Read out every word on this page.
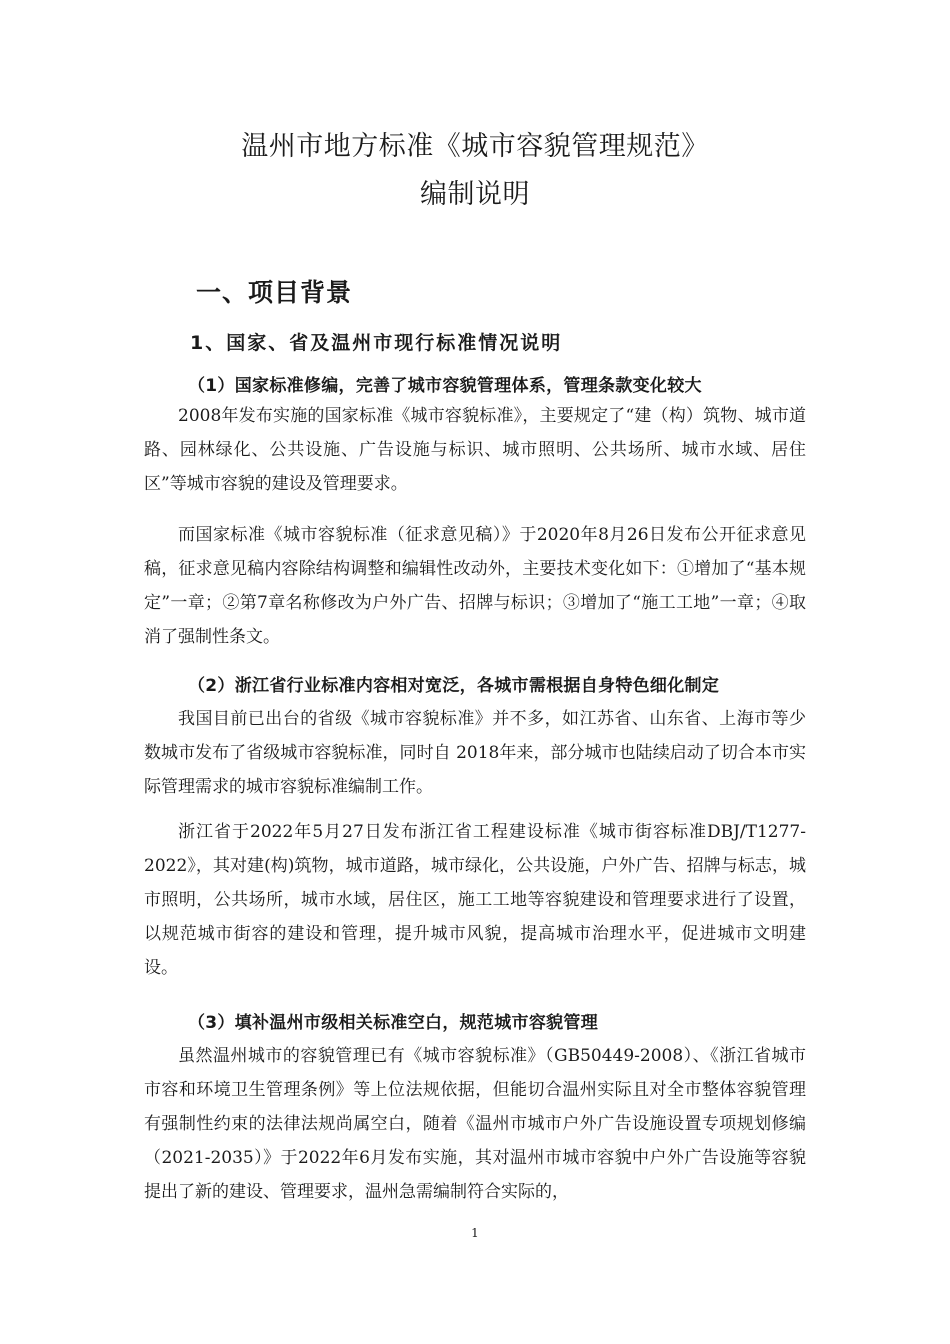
温州市地方标准《城市容貌管理规范》
编制说明
一、项目背景
1、国家、省及温州市现行标准情况说明
（1）国家标准修编，完善了城市容貌管理体系，管理条款变化较大

2008年发布实施的国家标准《城市容貌标准》，主要规定了“建（构）筑物、城市道路、园林绿化、公共设施、广告设施与标识、城市照明、公共场所、城市水域、居住区”等城市容貌的建设及管理要求。

而国家标准《城市容貌标准（征求意见稿）》于2020年8月26日发布公开征求意见稿，征求意见稿内容除结构调整和编辑性改动外，主要技术变化如下：①增加了“基本规定”一章；②第7章名称修改为户外广告、招牌与标识；③增加了“施工工地”一章；④取消了强制性条文。

（2）浙江省行业标准内容相对宽泛，各城市需根据自身特色细化制定

我国目前已出台的省级《城市容貌标准》并不多，如江苏省、山东省、上海市等少数城市发布了省级城市容貌标准，同时自 2018年来，部分城市也陆续启动了切合本市实际管理需求的城市容貌标准编制工作。

浙江省于2022年5月27日发布浙江省工程建设标准《城市街容标准DBJ/T1277-2022》，其对建(构)筑物，城市道路，城市绿化，公共设施，户外广告、招牌与标志，城市照明，公共场所，城市水域，居住区，施工工地等容貌建设和管理要求进行了设置，以规范城市街容的建设和管理，提升城市风貌，提高城市治理水平，促进城市文明建设。

（3）填补温州市级相关标准空白，规范城市容貌管理

虽然温州城市的容貌管理已有《城市容貌标准》（GB50449-2008）、《浙江省城市市容和环境卫生管理条例》等上位法规依据，但能切合温州实际且对全市整体容貌管理有强制性约束的法律法规尚属空白，随着《温州市城市户外广告设施设置专项规划修编（2021-2035）》于2022年6月发布实施，其对温州市城市容貌中户外广告设施等容貌提出了新的建设、管理要求，温州急需编制符合实际的，

1
